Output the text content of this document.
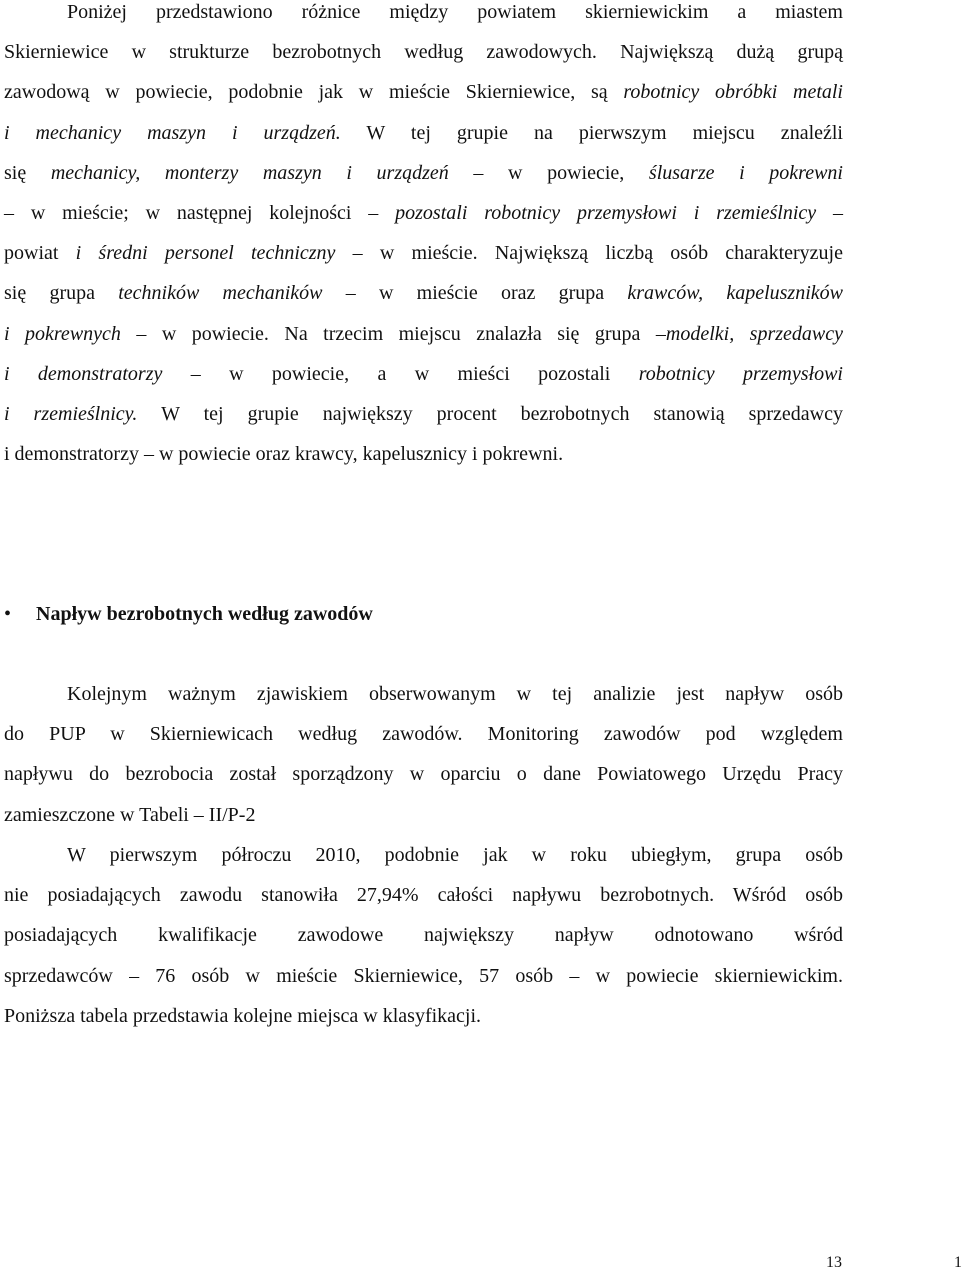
Poniżej przedstawiono różnice między powiatem skierniewickim a miastem
Skierniewice w strukturze bezrobotnych według zawodowych. Największą dużą grupą
zawodową w powiecie, podobnie jak w mieście Skierniewice, są robotnicy obróbki metali
i mechanicy maszyn i urządzeń. W tej grupie na pierwszym miejscu znaleźli
się mechanicy, monterzy maszyn i urządzeń – w powiecie, ślusarze i pokrewni
– w mieście; w następnej kolejności – pozostali robotnicy przemysłowi i rzemieślnicy –
powiat i średni personel techniczny – w mieście. Największą liczbą osób charakteryzuje
się grupa techników mechaników – w mieście oraz grupa krawców, kapeluszników
i pokrewnych – w powiecie. Na trzecim miejscu znalazła się grupa –modelki, sprzedawcy
i demonstratorzy – w powiecie, a w mieści pozostali robotnicy przemysłowi
i rzemieślnicy. W tej grupie największy procent bezrobotnych stanowią sprzedawcy
i demonstratorzy – w powiecie oraz krawcy, kapelusznicy i pokrewni.
• Napływ bezrobotnych według zawodów
Kolejnym ważnym zjawiskiem obserwowanym w tej analizie jest napływ osób
do PUP w Skierniewicach według zawodów. Monitoring zawodów pod względem
napływu do bezrobocia został sporządzony w oparciu o dane Powiatowego Urzędu Pracy
zamieszczone w Tabeli – II/P-2
W pierwszym półroczu 2010, podobnie jak w roku ubiegłym, grupa osób
nie posiadających zawodu stanowiła 27,94% całości napływu bezrobotnych. Wśród osób
posiadających kwalifikacje zawodowe największy napływ odnotowano wśród
sprzedawców – 76 osób w mieście Skierniewice, 57 osób – w powiecie skierniewickim.
Poniższa tabela przedstawia kolejne miejsca w klasyfikacji.
13	1
